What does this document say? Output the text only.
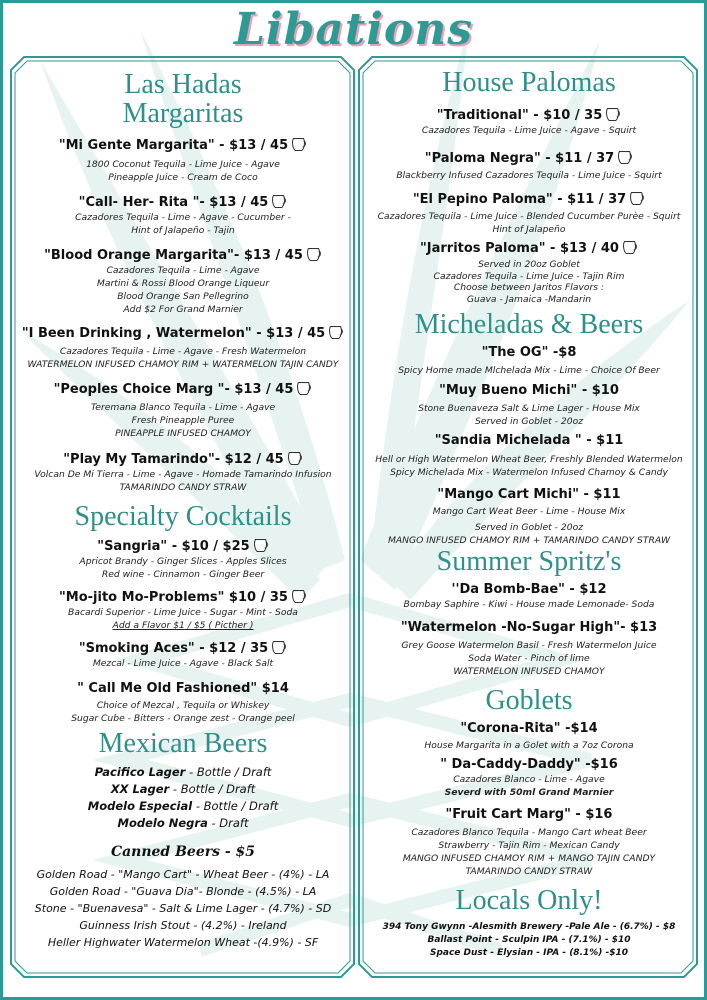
Libations
Las Hadas
Margaritas
"Mi Gente Margarita" - $13 / 45
1800 Coconut Tequila - Lime Juice - Agave
Pineapple Juice - Cream de Coco
"Call- Her- Rita "- $13 / 45
Cazadores Tequila - Lime - Agave - Cucumber -
Hint of Jalapeño - Tajin
"Blood Orange Margarita"- $13 / 45
Cazadores Tequila - Lime - Agave
Martini & Rossi Blood Orange Liqueur
Blood Orange San Pellegrino
Add $2 For Grand Marnier
"I Been Drinking , Watermelon" - $13 / 45
Cazadores Tequila - Lime - Agave - Fresh Watermelon
WATERMELON INFUSED CHAMOY RIM + WATERMELON TAJIN CANDY
"Peoples Choice Marg "- $13 / 45
Teremana Blanco Tequila - Lime - Agave
Fresh Pineapple Puree
PINEAPPLE INFUSED CHAMOY
"Play My Tamarindo"- $12 / 45
Volcan De Mi Tierra - Lime - Agave - Homade Tamarindo Infusion
TAMARINDO CANDY STRAW
Specialty Cocktails
"Sangria" - $10 / $25
Apricot Brandy - Ginger Slices - Apples Slices
Red wine - Cinnamon - Ginger Beer
"Mo-jito Mo-Problems" $10 / 35
Bacardi Superior - Lime Juice - Sugar - Mint - Soda
Add a Flavor $1 / $5 ( Picther )
"Smoking Aces" - $12 / 35
Mezcal - Lime Juice - Agave - Black Salt
" Call Me Old Fashioned" $14
Choice of Mezcal , Tequila or Whiskey
Sugar Cube - Bitters - Orange zest - Orange peel
Mexican Beers
Pacifico Lager - Bottle / Draft
XX Lager - Bottle / Draft
Modelo Especial - Bottle / Draft
Modelo Negra - Draft
Canned Beers - $5
Golden Road - "Mango Cart" - Wheat Beer - (4%) - LA
Golden Road - "Guava Dia"- Blonde - (4.5%) - LA
Stone - "Buenavesa" - Salt & Lime Lager - (4.7%) - SD
Guinness Irish Stout - (4.2%) - Ireland
Heller Highwater Watermelon Wheat -(4.9%) - SF
House Palomas
"Traditional" - $10 / 35
Cazadores Tequila - Lime Juice - Agave - Squirt
"Paloma Negra" - $11 / 37
Blackberry Infused Cazadores Tequila - Lime Juice - Squirt
"El Pepino Paloma" - $11 / 37
Cazadores Tequila - Lime Juice - Blended Cucumber Purèe - Squirt
Hint of Jalapeño
"Jarritos Paloma" - $13 / 40
Served in 20oz Goblet
Cazadores Tequila - Lime Juice - Tajin Rim
Choose between Jaritos Flavors :
Guava - Jamaica -Mandarin
Micheladas & Beers
"The OG" -$8
Spicy Home made Mlchelada Mix - Lime - Choice Of Beer
"Muy Bueno Michi" - $10
Stone Buenaveza Salt & Lime Lager - House Mix
Served in Goblet - 20oz
"Sandia Michelada " - $11
Hell or High Watermelon Wheat Beer, Freshly Blended Watermelon
Spicy Michelada Mix - Watermelon Infused Chamoy & Candy
"Mango Cart Michi" - $11
Mango Cart Weat Beer - Lime - House Mix
Served in Goblet - 20oz
MANGO INFUSED CHAMOY RIM + TAMARINDO CANDY STRAW
Summer Spritz's
''Da Bomb-Bae" - $12
Bombay Saphire - Kiwi - House made Lemonade- Soda
"Watermelon -No-Sugar High"- $13
Grey Goose Watermelon Basil - Fresh Watermelon Juice
Soda Water - Pinch of lime
WATERMELON INFUSED CHAMOY
Goblets
"Corona-Rita" -$14
House Margarita in a Golet with a 7oz Corona
" Da-Caddy-Daddy" -$16
Cazadores Blanco - Lime - Agave
Severd with 50ml Grand Marnier
"Fruit Cart Marg" - $16
Cazadores Blanco Tequila - Mango Cart wheat Beer
Strawberry - Tajin Rim - Mexican Candy
MANGO INFUSED CHAMOY RIM + MANGO TAJIN CANDY
TAMARINDO CANDY STRAW
Locals Only!
394 Tony Gwynn -Alesmith Brewery -Pale Ale - (6.7%) - $8
Ballast Point - Sculpin IPA - (7.1%) - $10
Space Dust - Elysian - IPA - (8.1%) -$10
